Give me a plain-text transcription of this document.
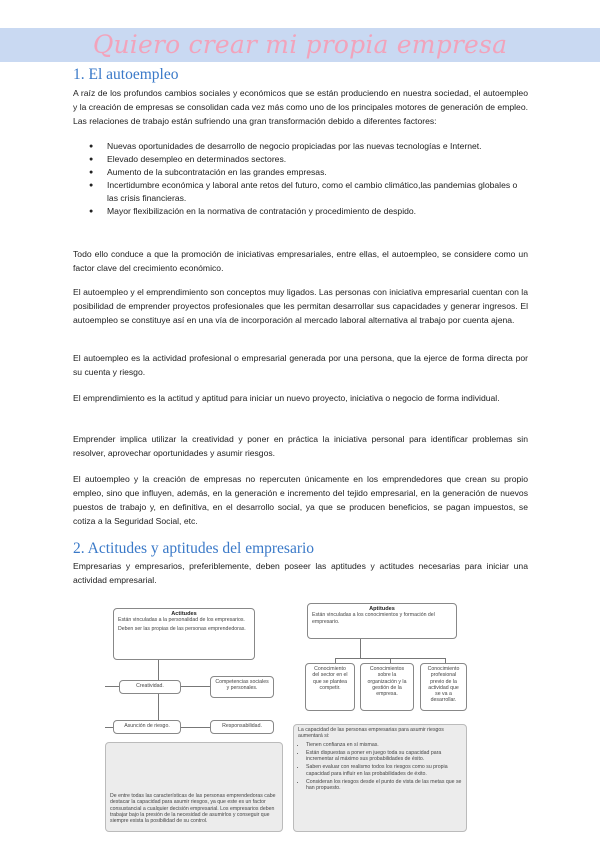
Quiero crear mi propia empresa
1. El autoempleo

A raíz de los profundos cambios sociales y económicos que se están produciendo en nuestra sociedad, el autoempleo y la creación de empresas se consolidan cada vez más como uno de los principales motores de generación de empleo. Las relaciones de trabajo están sufriendo una gran transformación debido a diferentes factores:

● Nuevas oportunidades de desarrollo de negocio propiciadas por las nuevas tecnologías e Internet.
● Elevado desempleo en determinados sectores.
● Aumento de la subcontratación en las grandes empresas.
● Incertidumbre económica y laboral ante retos del futuro, como el cambio climático,las pandemias globales o las crisis financieras.
● Mayor flexibilización en la normativa de contratación y procedimiento de despido.

Todo ello conduce a que la promoción de iniciativas empresariales, entre ellas, el autoempleo, se considere como un factor clave del crecimiento económico.

El autoempleo y el emprendimiento son conceptos muy ligados. Las personas con iniciativa empresarial cuentan con la posibilidad de emprender proyectos profesionales que les permitan desarrollar sus capacidades y generar ingresos. El autoempleo se constituye así en una vía de incorporación al mercado laboral alternativa al trabajo por cuenta ajena.

El autoempleo es la actividad profesional o empresarial generada por una persona, que la ejerce de forma directa por su cuenta y riesgo.

El emprendimiento es la actitud y aptitud para iniciar un nuevo proyecto, iniciativa o negocio de forma individual.

Emprender implica utilizar la creatividad y poner en práctica la iniciativa personal para identificar problemas sin resolver, aprovechar oportunidades y asumir riesgos.

El autoempleo y la creación de empresas no repercuten únicamente en los emprendedores que crean su propio empleo, sino que influyen, además, en la generación e incremento del tejido empresarial, en la generación de nuevos puestos de trabajo y, en definitiva, en el desarrollo social, ya que se producen beneficios, se pagan impuestos, se cotiza a la Seguridad Social, etc.

2. Actitudes y aptitudes del empresario

Empresarias y empresarios, preferiblemente, deben poseer las aptitudes y actitudes necesarias para iniciar una actividad empresarial.

Actitudes
Están vinculadas a la personalidad de los empresarios.
Deben ser las propias de las personas emprendedoras.
Creatividad.
Competencias sociales y personales.
Asunción de riesgo.	Responsabilidad.
De entre todas las características de las personas emprendedoras cabe destacar la capacidad para asumir riesgos, ya que este es un factor consustancial a cualquier decisión empresarial. Los empresarios deben trabajar bajo la presión de la necesidad de asumirlos y conseguir que siempre exista la posibilidad de su control.
Aptitudes
Están vinculadas a los conocimientos y formación del empresario.
Conocimiento del sector en el que se plantea competir.
Conocimientos sobre la organización y la gestión de la empresa.
Conocimiento profesional previo de la actividad que se va a desarrollar.
La capacidad de las personas empresarias para asumir riesgos aumentará si:
• Tienen confianza en sí mismas.
• Están dispuestas a poner en juego toda su capacidad para incrementar al máximo sus probabilidades de éxito.
• Saben evaluar con realismo todos los riesgos como su propia capacidad para influir en las probabilidades de éxito.
• Consideran los riesgos desde el punto de vista de las metas que se han propuesto.
